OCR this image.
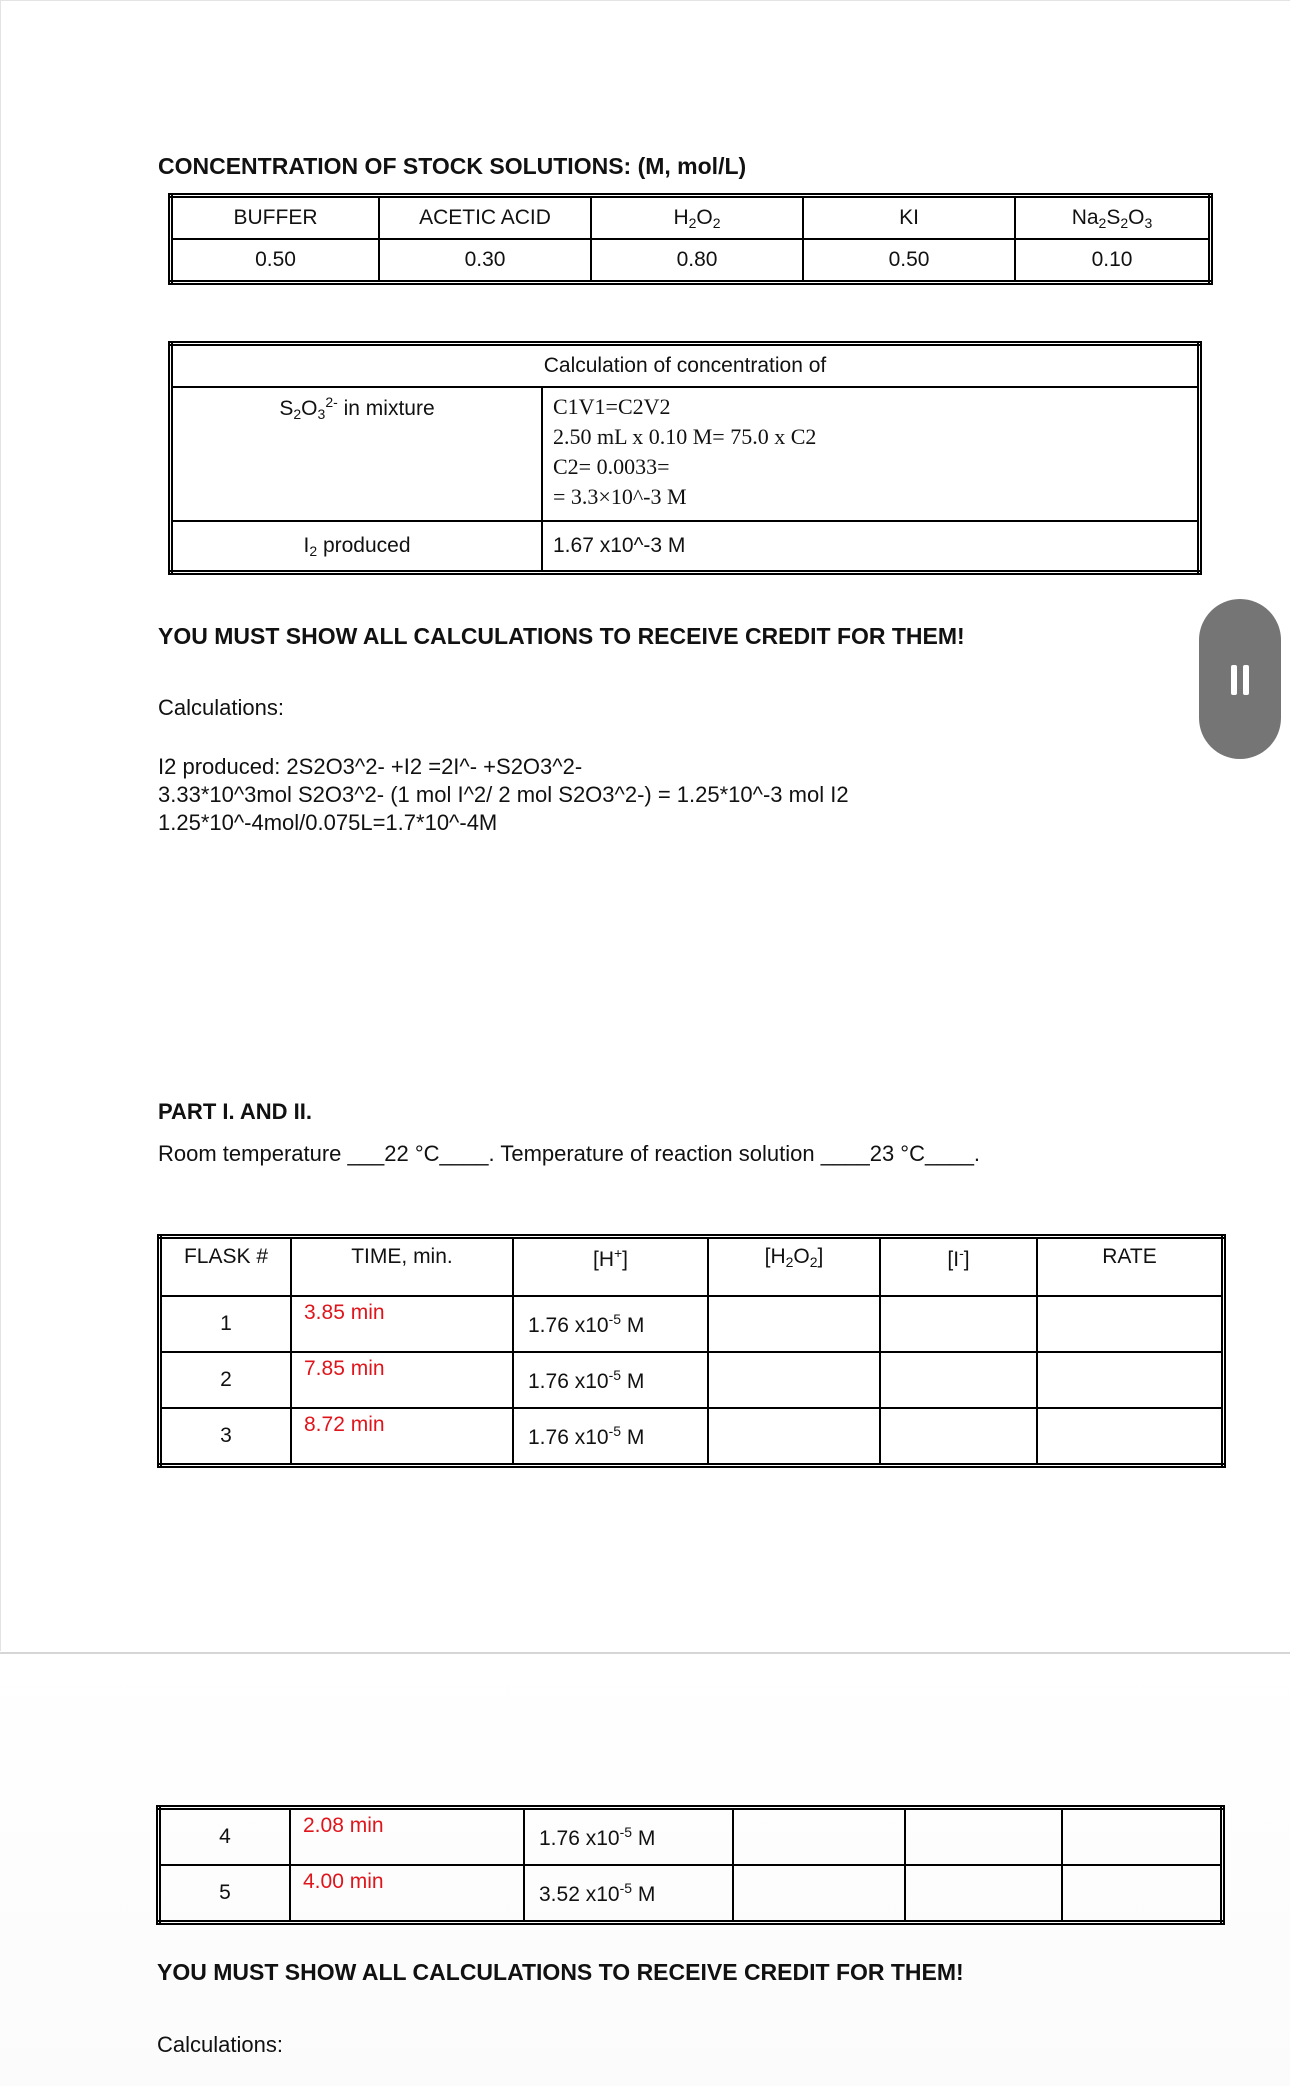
CONCENTRATION OF STOCK SOLUTIONS: (M, mol/L)
BUFFER	ACETIC ACID	$H_2O_2$	KI	$Na_2S_2O_3$
0.50	0.30	0.80	0.50	0.10
Calculation of concentration of	
$S_2O_3^{2-}$ in mixture	C1V1=C2V2
2.50 mL x 0.10 M= 75.0 x C2
C2= 0.0033=
= 3.3×10^-3 M

$I_2$ produced	1.67 x10^-3 M
YOU MUST SHOW ALL CALCULATIONS TO RECEIVE CREDIT FOR THEM!
Calculations:
I2 produced: 2S2O3^2- +I2 =2I^- +S2O3^2-
3.33*10^3mol S2O3^2- (1 mol I^2/ 2 mol S2O3^2-) = 1.25*10^-3 mol I2
1.25*10^-4mol/0.075L=1.7*10^-4M
PART I. AND II.
Room temperature ___22 °C____. Temperature of reaction solution ____23 °C____.
FLASK #	TIME, min.	[H+]	$[H_2O_2]$	[I-]	RATE
1	3.85 min	1.76 $x10^{-5}$ M			
2	7.85 min	1.76 $x10^{-5}$ M			
3	8.72 min	1.76 $x10^{-5}$ M			
4	2.08 min	1.76 $x10^{-5}$ M			
5	4.00 min	3.52 $x10^{-5}$ M			
YOU MUST SHOW ALL CALCULATIONS TO RECEIVE CREDIT FOR THEM!
Calculations:
